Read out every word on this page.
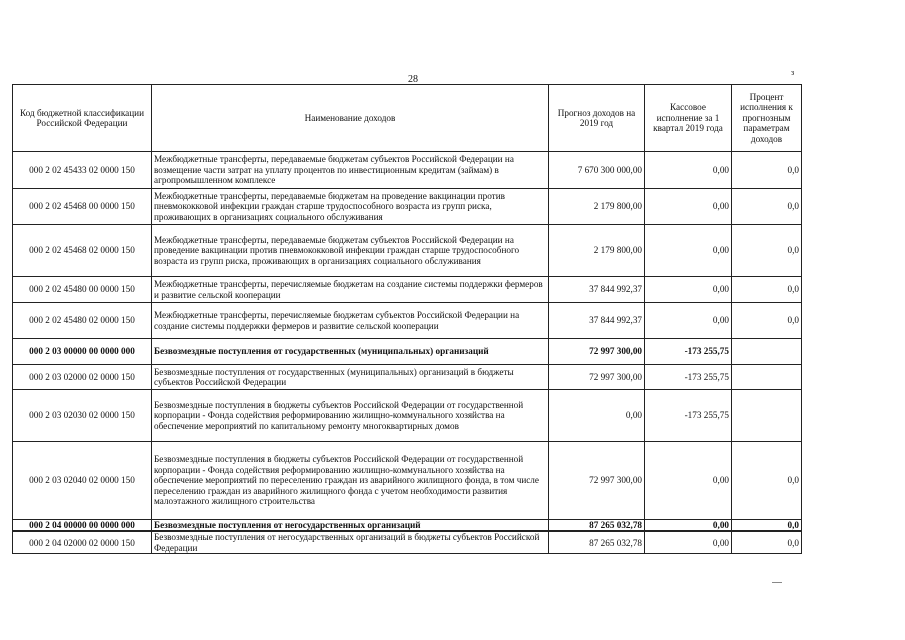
28
з
Код бюджетной классификации Российской Федерации	Наименование доходов	Прогноз доходов на 2019 год	Кассовое исполнение за 1 квартал 2019 года	Процент исполнения к прогнозным параметрам доходов
000 2 02 45433 02 0000 150	Межбюджетные трансферты, передаваемые бюджетам субъектов Российской Федерации на возмещение части затрат на уплату процентов по инвестиционным кредитам (займам) в агропромышленном комплексе	7 670 300 000,00	0,00	0,0
000 2 02 45468 00 0000 150	Межбюджетные трансферты, передаваемые бюджетам на проведение вакцинации против пневмококковой инфекции граждан старше трудоспособного возраста из групп риска, проживающих в организациях социального обслуживания	2 179 800,00	0,00	0,0
000 2 02 45468 02 0000 150	Межбюджетные трансферты, передаваемые бюджетам субъектов Российской Федерации на проведение вакцинации против пневмококковой инфекции граждан старше трудоспособного возраста из групп риска, проживающих в организациях социального обслуживания	2 179 800,00	0,00	0,0
000 2 02 45480 00 0000 150	Межбюджетные трансферты, перечисляемые бюджетам на создание системы поддержки фермеров и развитие сельской кооперации	37 844 992,37	0,00	0,0
000 2 02 45480 02 0000 150	Межбюджетные трансферты, перечисляемые бюджетам субъектов Российской Федерации на создание системы поддержки фермеров и развитие сельской кооперации	37 844 992,37	0,00	0,0
000 2 03 00000 00 0000 000	Безвозмездные поступления от государственных (муниципальных) организаций	72 997 300,00	-173 255,75	
000 2 03 02000 02 0000 150	Безвозмездные поступления от государственных (муниципальных) организаций в бюджеты субъектов Российской Федерации	72 997 300,00	-173 255,75	
000 2 03 02030 02 0000 150	Безвозмездные поступления в бюджеты субъектов Российской Федерации от государственной корпорации - Фонда содействия реформированию жилищно-коммунального хозяйства на обеспечение мероприятий по капитальному ремонту многоквартирных домов	0,00	-173 255,75	
000 2 03 02040 02 0000 150	Безвозмездные поступления в бюджеты субъектов Российской Федерации от государственной корпорации - Фонда содействия реформированию жилищно-коммунального хозяйства на обеспечение мероприятий по переселению граждан из аварийного жилищного фонда, в том числе переселению граждан из аварийного жилищного фонда с учетом необходимости развития малоэтажного жилищного строительства	72 997 300,00	0,00	0,0
000 2 04 00000 00 0000 000	Безвозмездные поступления от негосударственных организаций	87 265 032,78	0,00	0,0
000 2 04 02000 02 0000 150	Безвозмездные поступления от негосударственных организаций в бюджеты субъектов Российской Федерации	87 265 032,78	0,00	0,0
